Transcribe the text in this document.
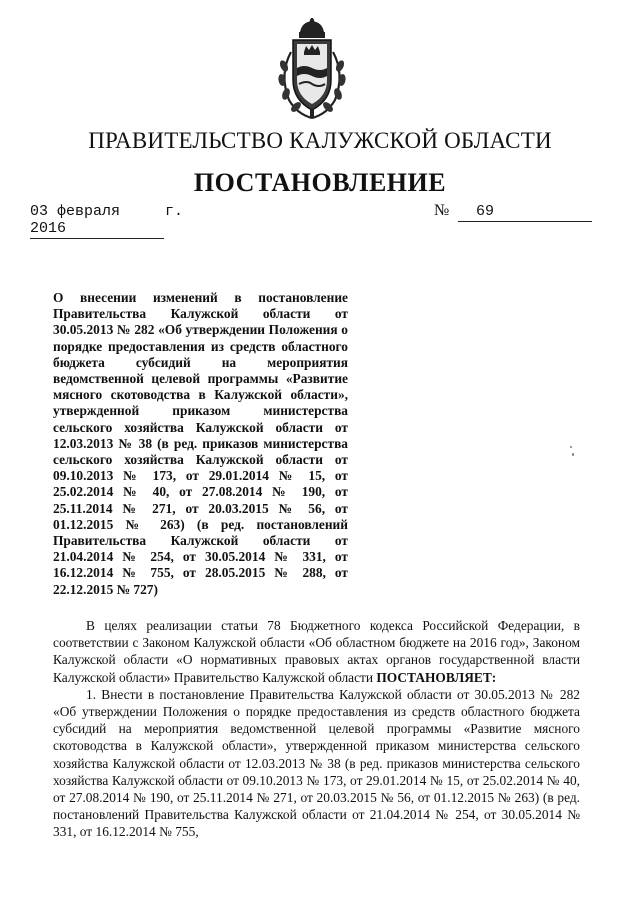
ПРАВИТЕЛЬСТВО КАЛУЖСКОЙ ОБЛАСТИ
ПОСТАНОВЛЕНИЕ
03 февраля 2016
г.	№	69
О внесении изменений в постановление Правительства Калужской области от 30.05.2013 № 282 «Об утверждении Положения о порядке предоставления из средств областного бюджета субсидий на мероприятия ведомственной целевой программы «Развитие мясного скотоводства в Калужской области», утвержденной приказом министерства сельского хозяйства Калужской области от 12.03.2013 № 38 (в ред. приказов министерства сельского хозяйства Калужской области от 09.10.2013 № 173, от 29.01.2014 № 15, от 25.02.2014 № 40, от 27.08.2014 № 190, от 25.11.2014 № 271, от 20.03.2015 № 56, от 01.12.2015 № 263) (в ред. постановлений Правительства Калужской области от 21.04.2014 № 254, от 30.05.2014 № 331, от 16.12.2014 № 755, от 28.05.2015 № 288, от 22.12.2015 № 727)

В целях реализации статьи 78 Бюджетного кодекса Российской Федерации, в соответствии с Законом Калужской области «Об областном бюджете на 2016 год», Законом Калужской области «О нормативных правовых актах органов государственной власти Калужской области» Правительство Калужской области ПОСТАНОВЛЯЕТ:

1. Внести в постановление Правительства Калужской области от 30.05.2013 № 282 «Об утверждении Положения о порядке предоставления из средств областного бюджета субсидий на мероприятия ведомственной целевой программы «Развитие мясного скотоводства в Калужской области», утвержденной приказом министерства сельского хозяйства Калужской области от 12.03.2013 № 38 (в ред. приказов министерства сельского хозяйства Калужской области от 09.10.2013 № 173, от 29.01.2014 № 15, от 25.02.2014 № 40, от 27.08.2014 № 190, от 25.11.2014 № 271, от 20.03.2015 № 56, от 01.12.2015 № 263) (в ред. постановлений Правительства Калужской области от 21.04.2014 № 254, от 30.05.2014 № 331, от 16.12.2014 № 755,
